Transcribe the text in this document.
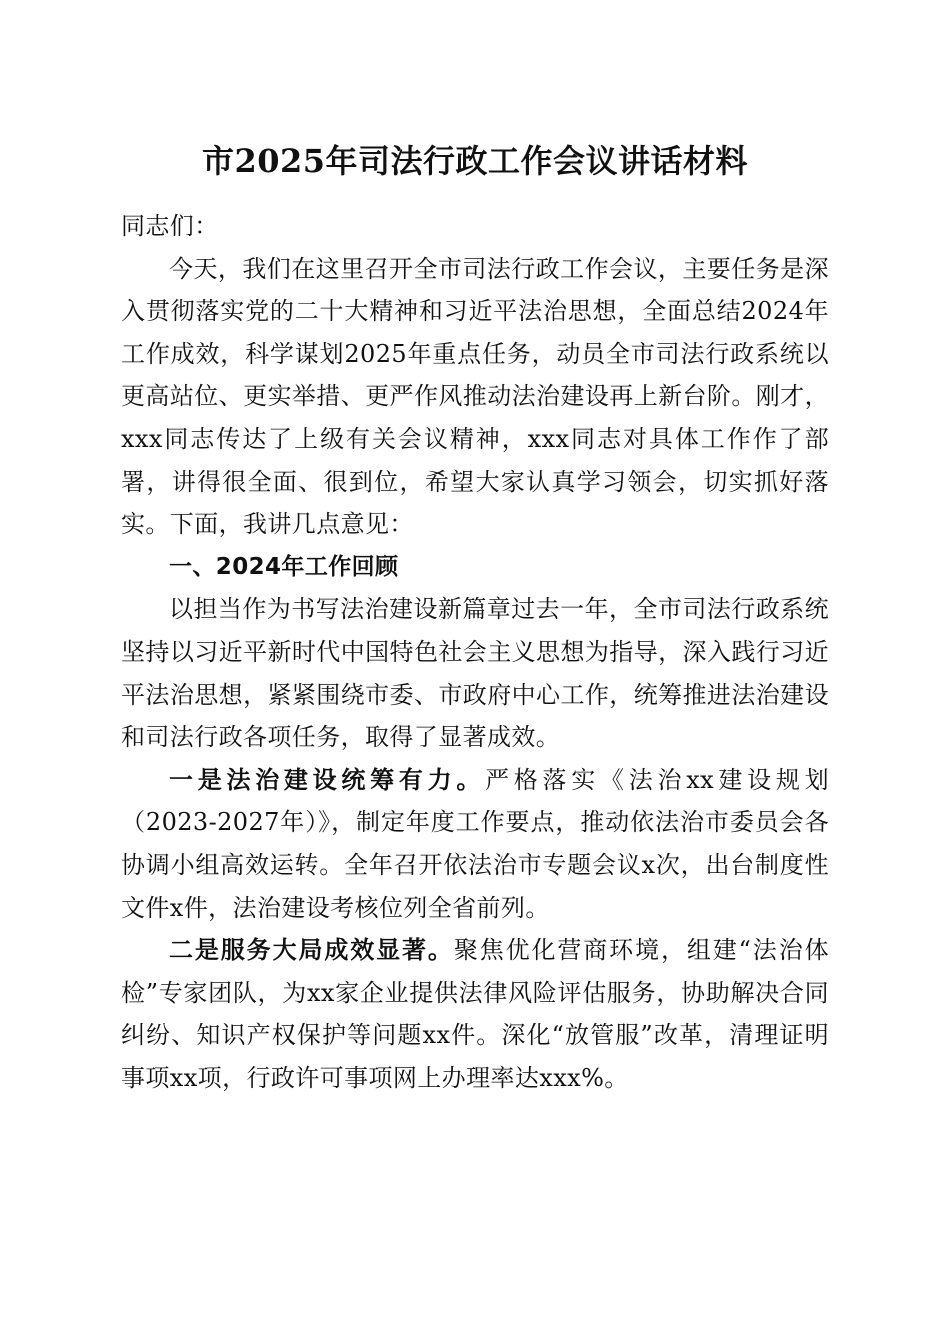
市2025年司法行政工作会议讲话材料

同志们：

今天，我们在这里召开全市司法行政工作会议，主要任务是深入贯彻落实党的二十大精神和习近平法治思想，全面总结2024年工作成效，科学谋划2025年重点任务，动员全市司法行政系统以更高站位、更实举措、更严作风推动法治建设再上新台阶。刚才，xxx同志传达了上级有关会议精神，xxx同志对具体工作作了部署，讲得很全面、很到位，希望大家认真学习领会，切实抓好落实。下面，我讲几点意见：

一、2024年工作回顾

以担当作为书写法治建设新篇章过去一年，全市司法行政系统坚持以习近平新时代中国特色社会主义思想为指导，深入践行习近平法治思想，紧紧围绕市委、市政府中心工作，统筹推进法治建设和司法行政各项任务，取得了显著成效。

一是法治建设统筹有力。严格落实《法治xx建设规划（2023-2027年）》，制定年度工作要点，推动依法治市委员会各协调小组高效运转。全年召开依法治市专题会议x次，出台制度性文件x件，法治建设考核位列全省前列。

二是服务大局成效显著。聚焦优化营商环境，组建“法治体检”专家团队，为xx家企业提供法律风险评估服务，协助解决合同纠纷、知识产权保护等问题xx件。深化“放管服”改革，清理证明事项xx项，行政许可事项网上办理率达xxx%。
